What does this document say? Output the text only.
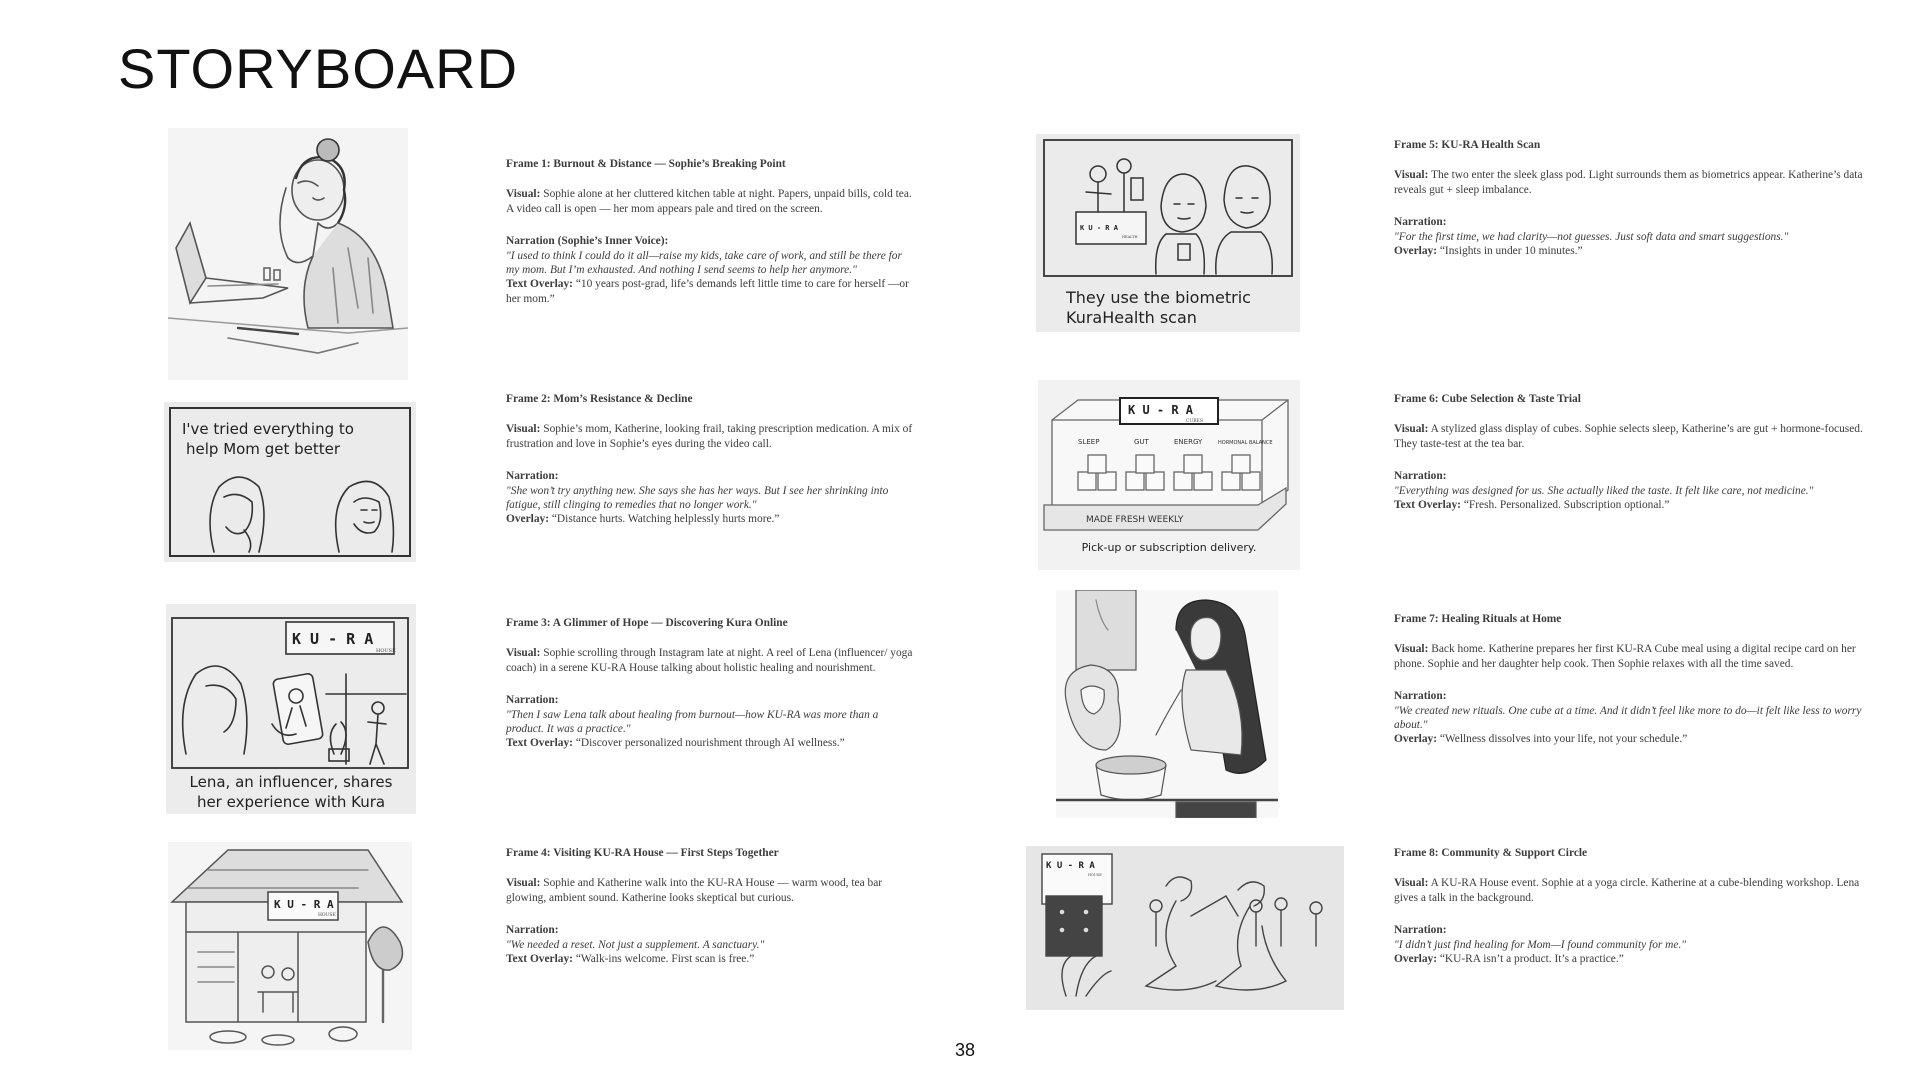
STORYBOARD
Frame 1: Burnout & Distance — Sophie’s Breaking Point

Visual: Sophie alone at her cluttered kitchen table at night. Papers, unpaid bills, cold tea. A video call is open — her mom appears pale and tired on the screen.

Narration (Sophie’s Inner Voice):

"I used to think I could do it all—raise my kids, take care of work, and still be there for my mom. But I’m exhausted. And nothing I send seems to help her anymore."

Text Overlay: “10 years post-grad, life’s demands left little time to care for herself —or her mom.”

I've tried everything to
help Mom get better
Frame 2: Mom’s Resistance & Decline

Visual: Sophie’s mom, Katherine, looking frail, taking prescription medication. A mix of frustration and love in Sophie’s eyes during the video call.

Narration:

"She won’t try anything new. She says she has her ways. But I see her shrinking into fatigue, still clinging to remedies that no longer work."

Overlay: “Distance hurts. Watching helplessly hurts more.”

K U - R A
HOUSE
Lena, an influencer, shares her experience with Kura
Frame 3: A Glimmer of Hope — Discovering Kura Online

Visual: Sophie scrolling through Instagram late at night. A reel of Lena (influencer/ yoga coach) in a serene KU-RA House talking about holistic healing and nourishment.

Narration:

"Then I saw Lena talk about healing from burnout—how KU-RA was more than a product. It was a practice."

Text Overlay: “Discover personalized nourishment through AI wellness.”

K U - R A
HOUSE
Frame 4: Visiting KU-RA House — First Steps Together

Visual: Sophie and Katherine walk into the KU-RA House — warm wood, tea bar glowing, ambient sound. Katherine looks skeptical but curious.

Narration:

"We needed a reset. Not just a supplement. A sanctuary."

Text Overlay: “Walk-ins welcome. First scan is free.”

K U - R A
HEALTH
They use the biometric KuraHealth scan
Frame 5: KU-RA Health Scan

Visual: The two enter the sleek glass pod. Light surrounds them as biometrics appear. Katherine’s data reveals gut + sleep imbalance.

Narration:

"For the first time, we had clarity—not guesses. Just soft data and smart suggestions."

Overlay: “Insights in under 10 minutes.”

K U - R A
CUBES
SLEEP	GUT	ENERGY	HORMONAL BALANCE
MADE FRESH WEEKLY
Pick-up or subscription delivery.
Frame 6: Cube Selection & Taste Trial

Visual: A stylized glass display of cubes. Sophie selects sleep, Katherine’s are gut + hormone-focused. They taste-test at the tea bar.

Narration:

"Everything was designed for us. She actually liked the taste. It felt like care, not medicine."

Text Overlay: “Fresh. Personalized. Subscription optional.”

Frame 7: Healing Rituals at Home

Visual: Back home. Katherine prepares her first KU-RA Cube meal using a digital recipe card on her phone. Sophie and her daughter help cook. Then Sophie relaxes with all the time saved.

Narration:

"We created new rituals. One cube at a time. And it didn’t feel like more to do—it felt like less to worry about."

Overlay: “Wellness dissolves into your life, not your schedule.”

K U - R A
HOUSE
Frame 8: Community & Support Circle

Visual: A KU-RA House event. Sophie at a yoga circle. Katherine at a cube-blending workshop. Lena gives a talk in the background.

Narration:

"I didn’t just find healing for Mom—I found community for me."

Overlay: “KU-RA isn’t a product. It’s a practice.”

38
